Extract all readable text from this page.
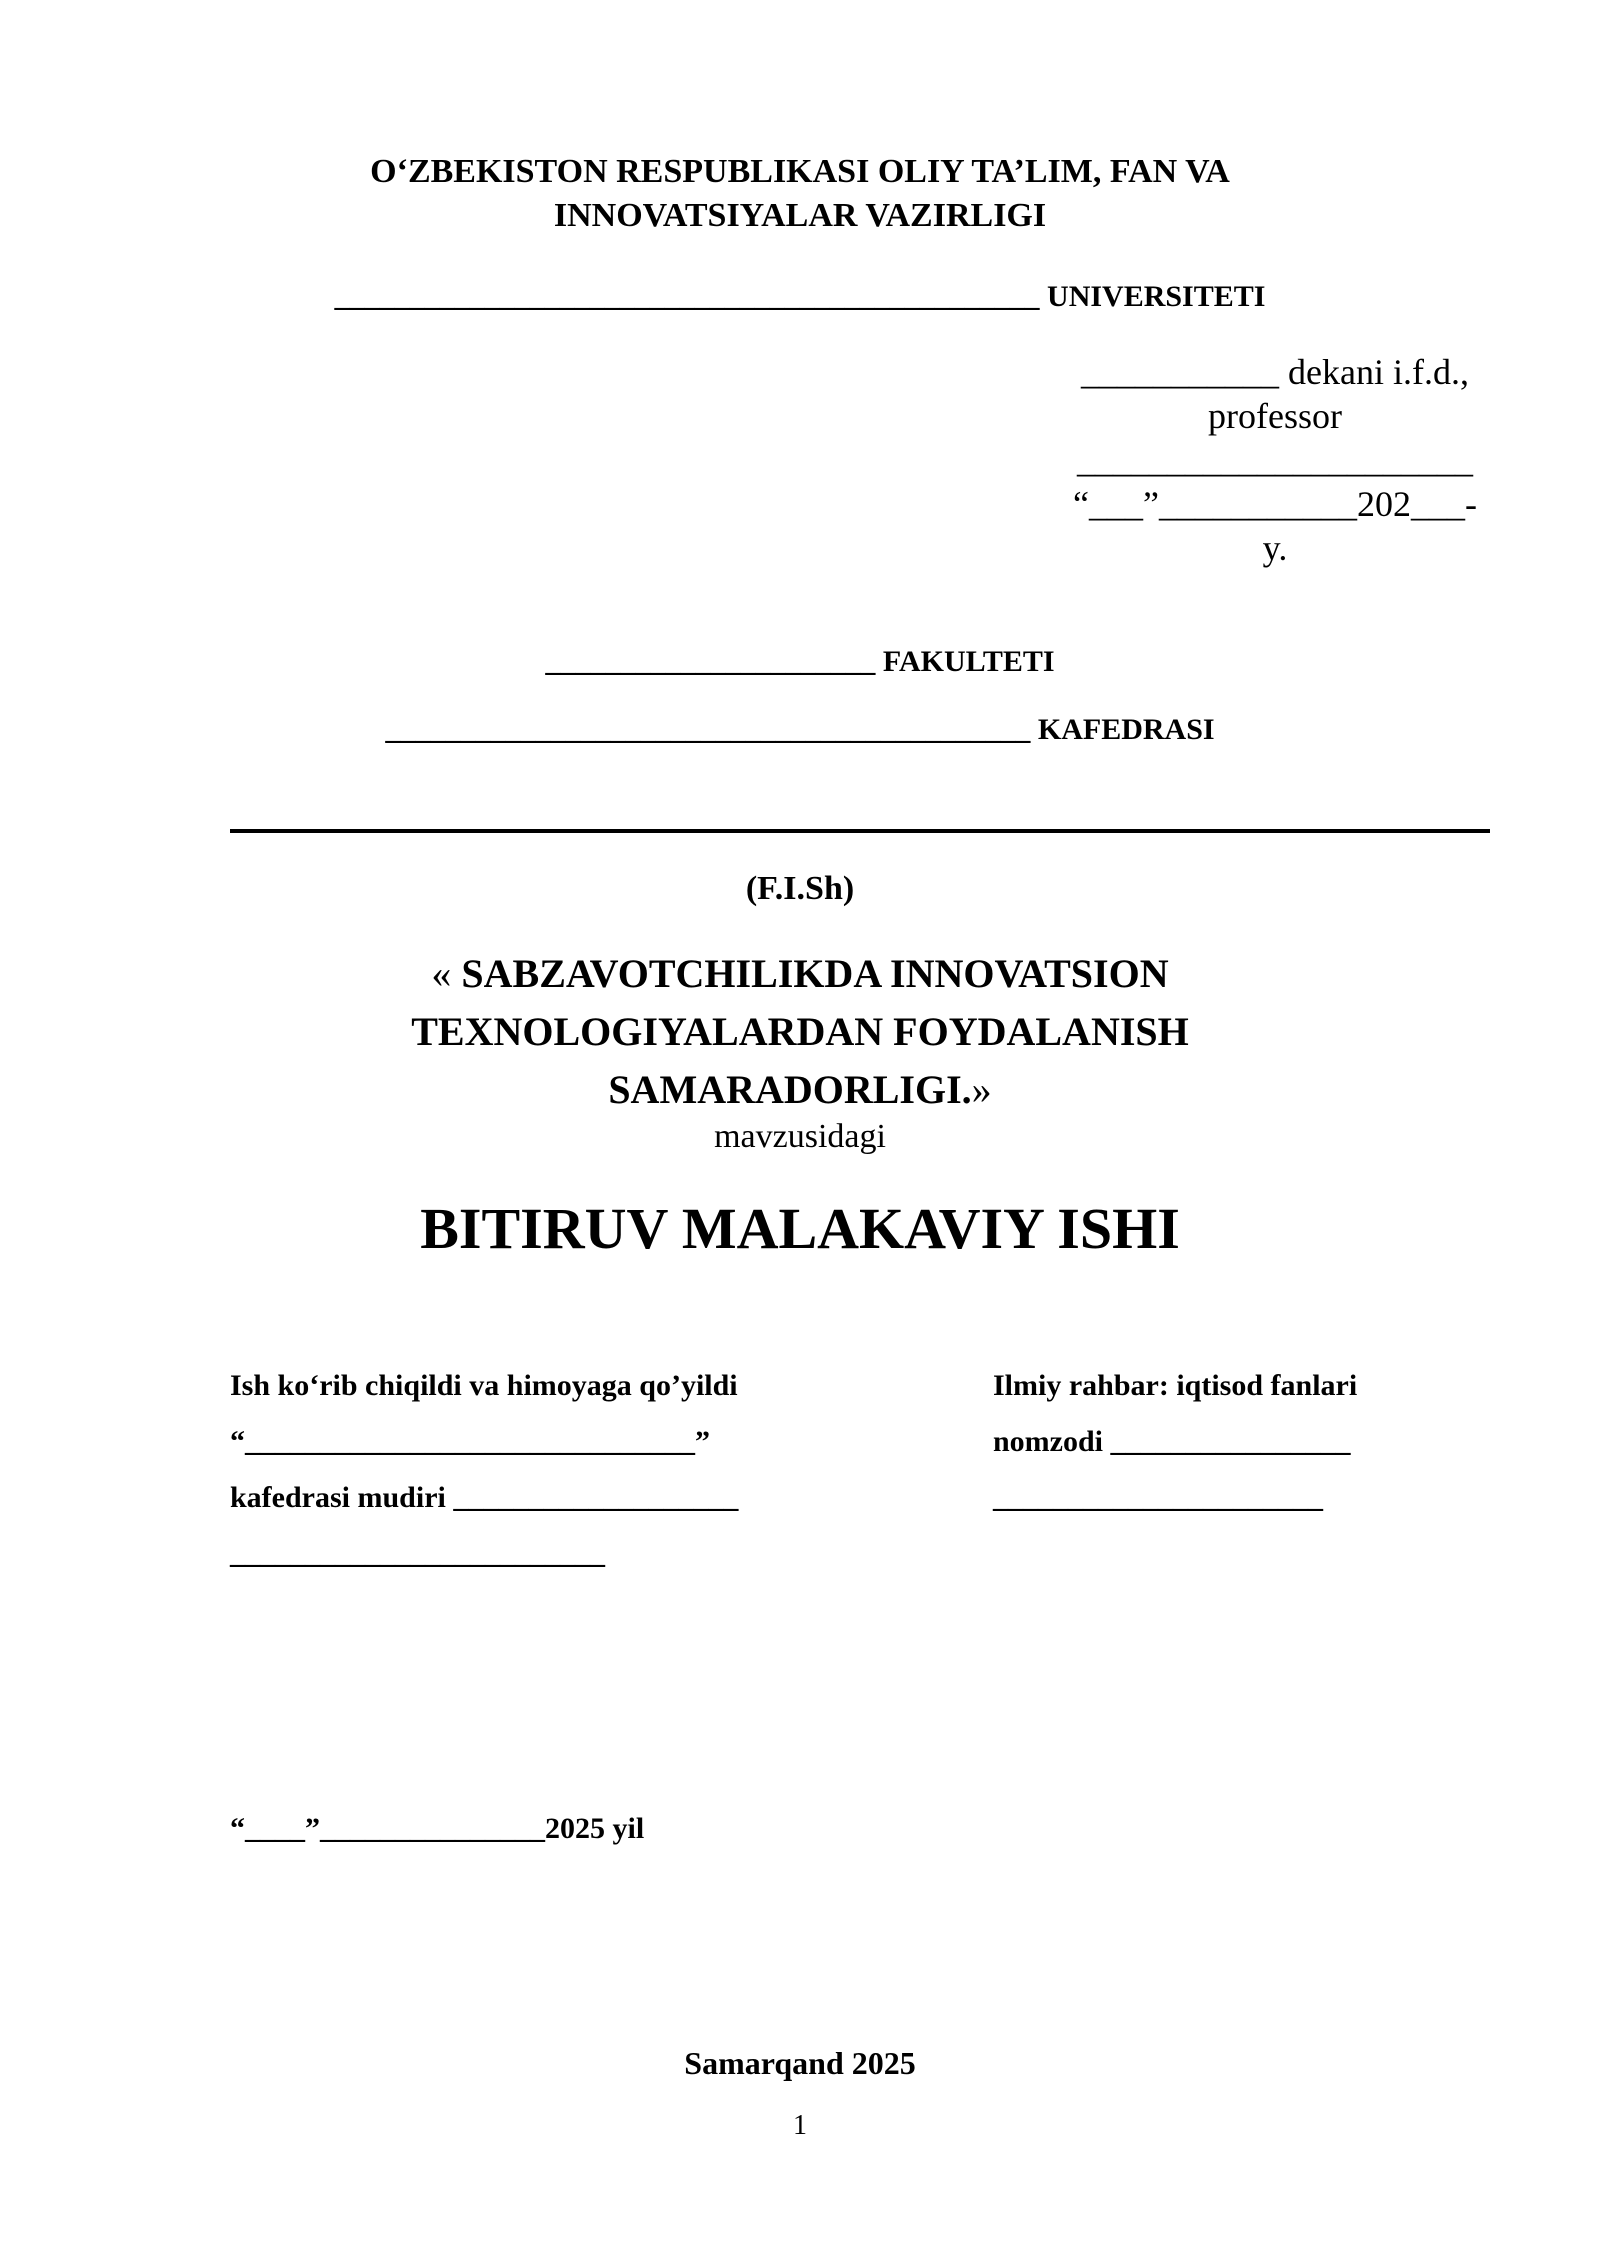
O‘ZBEKISTON RESPUBLIKASI OLIY TA’LIM, FAN VA
INNOVATSIYALAR VAZIRLIGI
_______________________________________________ UNIVERSITETI
___________ dekani i.f.d.,
professor
______________________
“___”___________202___-
y.
______________________ FAKULTETI
___________________________________________ KAFEDRASI
(F.I.Sh)
« SABZAVOTCHILIKDA INNOVATSION
TEXNOLOGIYALARDAN FOYDALANISH
SAMARADORLIGI.»
mavzusidagi
BITIRUV MALAKAVIY ISHI
Ish ko‘rib chiqildi va himoyaga qo’yildi
“______________________________”
kafedrasi mudiri ___________________
_________________________
Ilmiy rahbar: iqtisod fanlari
nomzodi ________________
______________________
“____”_______________2025 yil
Samarqand 2025
1
